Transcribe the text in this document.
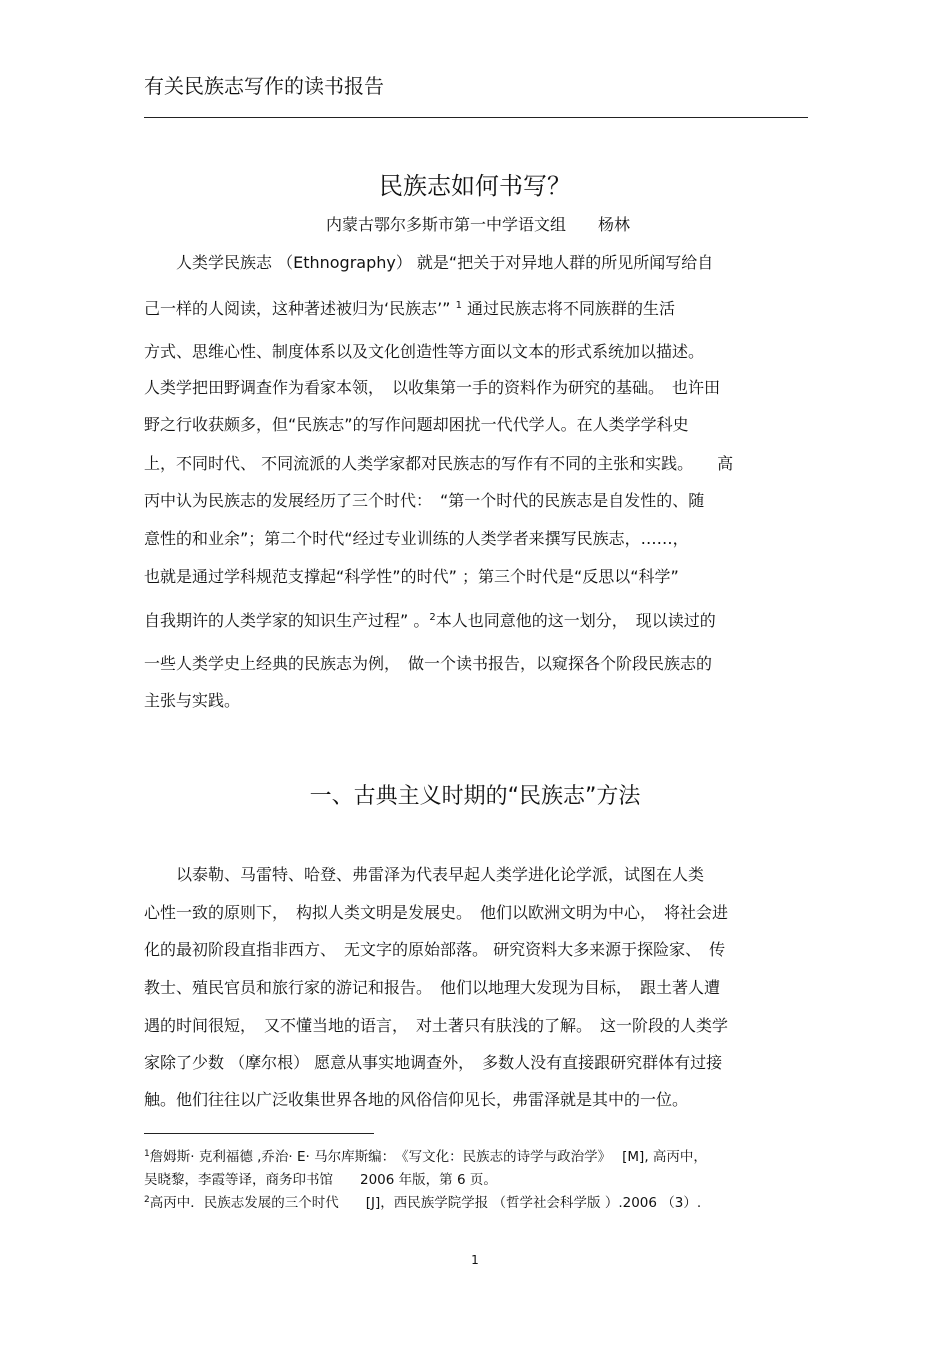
有关民族志写作的读书报告
民族志如何书写？
内蒙古鄂尔多斯市第一中学语文组　　杨林
　　人类学民族志 （Ethnography） 就是“把关于对异地人群的所见所闻写给自
己一样的人阅读，这种著述被归为‘民族志’” $^1$ 通过民族志将不同族群的生活
方式、思维心性、制度体系以及文化创造性等方面以文本的形式系统加以描述。
人类学把田野调查作为看家本领，　以收集第一手的资料作为研究的基础。　也许田
野之行收获颇多，但“民族志”的写作问题却困扰一代代学人。在人类学学科史
上，不同时代、 不同流派的人类学家都对民族志的写作有不同的主张和实践。　　高
丙中认为民族志的发展经历了三个时代：　“第一个时代的民族志是自发性的、随
意性的和业余”；第二个时代“经过专业训练的人类学者来撰写民族志，……，
也就是通过学科规范支撑起“科学性”的时代” ；第三个时代是“反思以“科学”
自我期许的人类学家的知识生产过程” 。$^2$本人也同意他的这一划分，　现以读过的
一些人类学史上经典的民族志为例，　做一个读书报告，以窥探各个阶段民族志的
主张与实践。
一、古典主义时期的“民族志”方法
　　以泰勒、马雷特、哈登、弗雷泽为代表早起人类学进化论学派，试图在人类
心性一致的原则下，　构拟人类文明是发展史。　他们以欧洲文明为中心，　将社会进
化的最初阶段直指非西方、　无文字的原始部落。 研究资料大多来源于探险家、　传
教士、殖民官员和旅行家的游记和报告。　他们以地理大发现为目标，　跟土著人遭
遇的时间很短，　又不懂当地的语言，　对土著只有肤浅的了解。　这一阶段的人类学
家除了少数 （摩尔根） 愿意从事实地调查外，　多数人没有直接跟研究群体有过接
触。他们往往以广泛收集世界各地的风俗信仰见长，弗雷泽就是其中的一位。
$^1$詹姆斯· 克利福德 ,乔治· E· 马尔库斯编：　《写文化：民族志的诗学与政治学》　 [M], 高丙中，
吴晓黎，李霞等译，商务印书馆　　2006 年版，第 6 页。
$^2$高丙中．民族志发展的三个时代　　[J]，西民族学院学报 （哲学社会科学版 ）.2006 （3）.
1
